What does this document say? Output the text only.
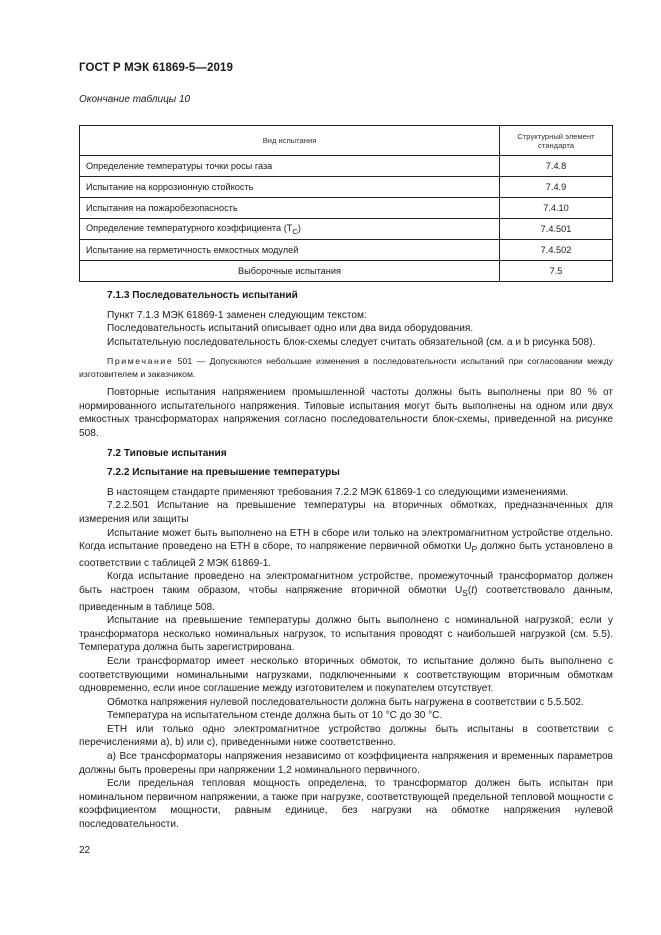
ГОСТ Р МЭК 61869-5—2019
Окончание таблицы 10
Вид испытания	Структурный элемент стандарта
Определение температуры точки росы газа	7.4.8
Испытание на коррозионную стойкость	7.4.9
Испытания на пожаробезопасность	7.4.10
Определение температурного коэффициента $(T_C)$	7.4.501
Испытание на герметичность емкостных модулей	7.4.502
Выборочные испытания	7.5

7.1.3 Последовательность испытаний

Пункт 7.1.3 МЭК 61869-1 заменен следующим текстом:

Последовательность испытаний описывает одно или два вида оборудования.

Испытательную последовательность блок-схемы следует считать обязательной (см. a и b рисунка 508).

Примечание 501 — Допускаются небольшие изменения в последовательности испытаний при согласовании между изготовителем и заказчиком.

Повторные испытания напряжением промышленной частоты должны быть выполнены при 80 % от нормированного испытательного напряжения. Типовые испытания могут быть выполнены на одном или двух емкостных трансформаторах напряжения согласно последовательности блок-схемы, приведенной на рисунке 508.

7.2 Типовые испытания

7.2.2 Испытание на превышение температуры

В настоящем стандарте применяют требования 7.2.2 МЭК 61869-1 со следующими изменениями.

7.2.2.501 Испытание на превышение температуры на вторичных обмотках, предназначенных для измерения или защиты

Испытание может быть выполнено на ЕТН в сборе или только на электромагнитном устройстве отдельно. Когда испытание проведено на ЕТН в сборе, то напряжение первичной обмотки $U_P$ должно быть установлено в соответствии с таблицей 2 МЭК 61869-1.

Когда испытание проведено на электромагнитном устройстве, промежуточный трансформатор должен быть настроен таким образом, чтобы напряжение вторичной обмотки $U_S(t)$ соответствовало данным, приведенным в таблице 508.

Испытание на превышение температуры должно быть выполнено с номинальной нагрузкой; если у трансформатора несколько номинальных нагрузок, то испытания проводят с наибольшей нагрузкой (см. 5.5). Температура должна быть зарегистрирована.

Если трансформатор имеет несколько вторичных обмоток, то испытание должно быть выполнено с соответствующими номинальными нагрузками, подключенными к соответствующим вторичным обмоткам одновременно, если иное соглашение между изготовителем и покупателем отсутствует.

Обмотка напряжения нулевой последовательности должна быть нагружена в соответствии с 5.5.502.

Температура на испытательном стенде должна быть от 10 °C до 30 °C.

ЕТН или только одно электромагнитное устройство должны быть испытаны в соответствии с перечислениями a), b) или c), приведенными ниже соответственно.

a) Все трансформаторы напряжения независимо от коэффициента напряжения и временных параметров должны быть проверены при напряжении 1,2 номинального первичного.

Если предельная тепловая мощность определена, то трансформатор должен быть испытан при номинальном первичном напряжении, а также при нагрузке, соответствующей предельной тепловой мощности с коэффициентом мощности, равным единице, без нагрузки на обмотке напряжения нулевой последовательности.

22
